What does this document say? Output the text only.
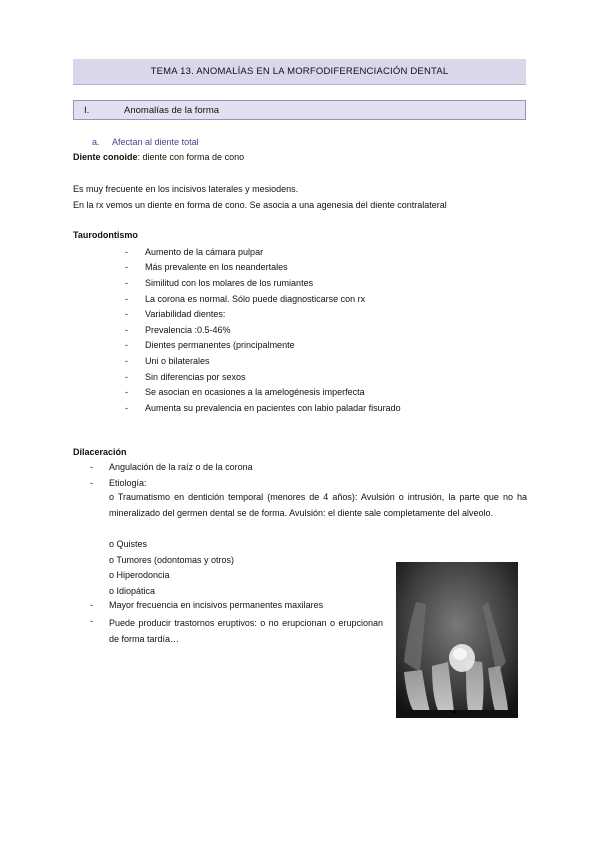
TEMA 13. ANOMALÍAS EN LA MORFODIFERENCIACIÓN DENTAL
I.	Anomalías de la forma
a. Afectan al diente total
Diente conoide: diente con forma de cono
Es muy frecuente en los incisivos laterales y mesiodens.
En la rx vemos un diente en forma de cono. Se asocia a una agenesia del diente contralateral
Taurodontismo
-	Aumento de la cámara pulpar
-	Más prevalente en los neandertales
-	Similitud con los molares de los rumiantes
-	La corona es normal. Sólo puede diagnosticarse con rx
-	Variabilidad dientes:
-	Prevalencia :0.5-46%
-	Dientes permanentes (principalmente
-	Uni o bilaterales
-	Sin diferencias por sexos
-	Se asocian en ocasiones a la amelogénesis imperfecta
-	Aumenta su prevalencia en pacientes con labio paladar fisurado
Dilaceración
-	Angulación de la raíz o de la corona
-	Etiología:
o Traumatismo en dentición temporal (menores de 4 años): Avulsión o intrusión, la parte que no ha mineralizado del germen dental se de forma. Avulsión: el diente sale completamente del alveolo.
o Quistes
o Tumores (odontomas y otros)
o Hiperodoncia
o Idiopática
-	Mayor frecuencia en incisivos permanentes maxilares
-	Puede producir trastornos eruptivos: o no erupcionan o erupcionan de forma tardía…
